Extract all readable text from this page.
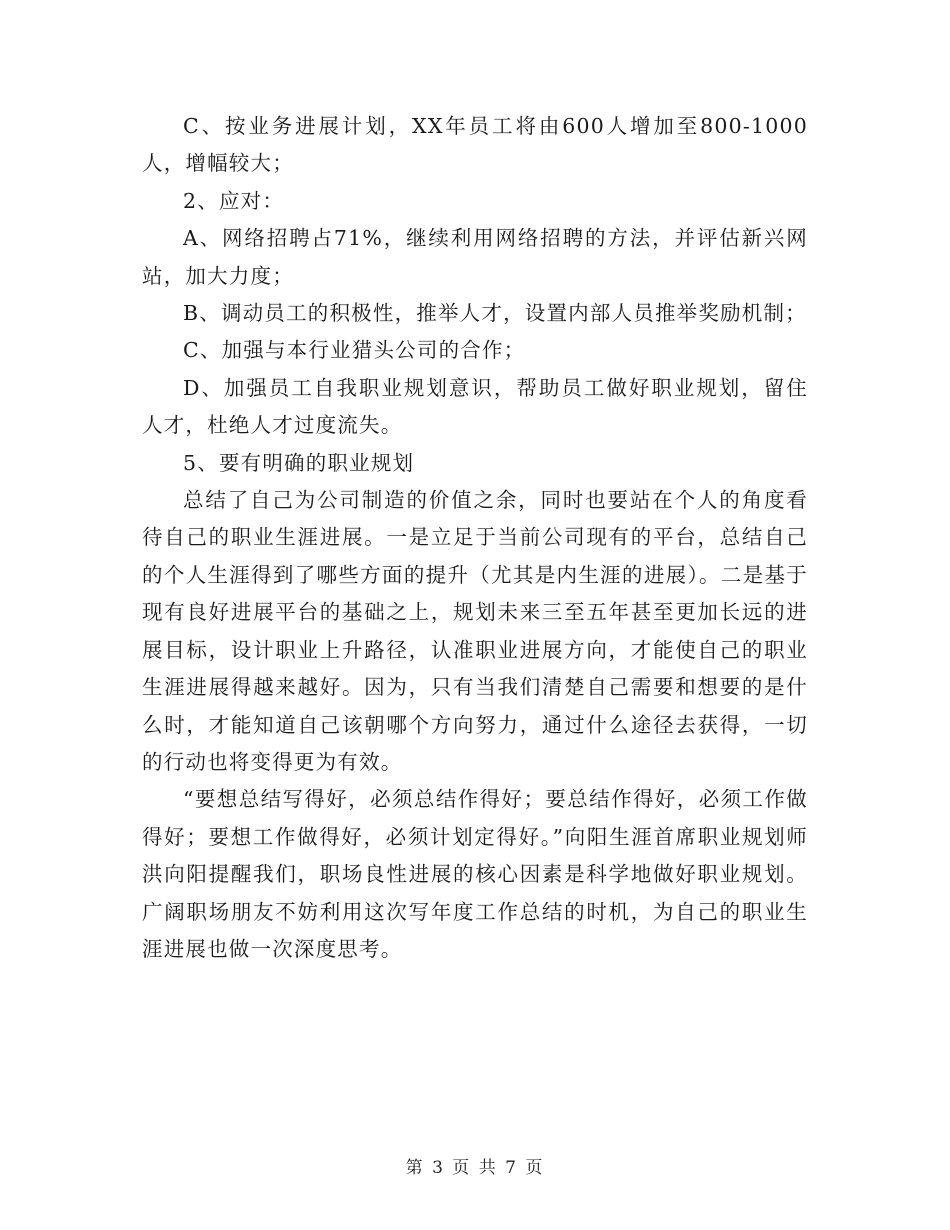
C、按业务进展计划，XX年员工将由600人增加至800-1000人，增幅较大；

2、应对：

A、网络招聘占71%，继续利用网络招聘的方法，并评估新兴网站，加大力度；

B、调动员工的积极性，推举人才，设置内部人员推举奖励机制；

C、加强与本行业猎头公司的合作；

D、加强员工自我职业规划意识，帮助员工做好职业规划，留住人才，杜绝人才过度流失。

5、要有明确的职业规划

总结了自己为公司制造的价值之余，同时也要站在个人的角度看待自己的职业生涯进展。一是立足于当前公司现有的平台，总结自己的个人生涯得到了哪些方面的提升（尤其是内生涯的进展）。二是基于现有良好进展平台的基础之上，规划未来三至五年甚至更加长远的进展目标，设计职业上升路径，认准职业进展方向，才能使自己的职业生涯进展得越来越好。因为，只有当我们清楚自己需要和想要的是什么时，才能知道自己该朝哪个方向努力，通过什么途径去获得，一切的行动也将变得更为有效。

“要想总结写得好，必须总结作得好；要总结作得好，必须工作做得好；要想工作做得好，必须计划定得好。”向阳生涯首席职业规划师洪向阳提醒我们，职场良性进展的核心因素是科学地做好职业规划。广阔职场朋友不妨利用这次写年度工作总结的时机，为自己的职业生涯进展也做一次深度思考。

第 3 页 共 7 页
